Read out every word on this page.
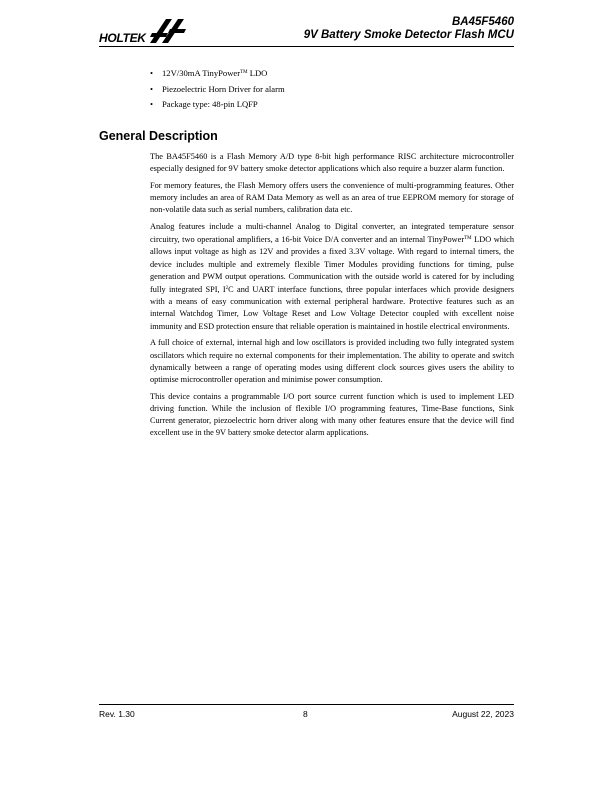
HOLTEK
BA45F5460
9V Battery Smoke Detector Flash MCU
• 12V/30mA TinyPower™ LDO
• Piezoelectric Horn Driver for alarm
• Package type: 48-pin LQFP
General Description

The BA45F5460 is a Flash Memory A/D type 8-bit high performance RISC architecture microcontroller especially designed for 9V battery smoke detector applications which also require a buzzer alarm function.

For memory features, the Flash Memory offers users the convenience of multi-programming features. Other memory includes an area of RAM Data Memory as well as an area of true EEPROM memory for storage of non-volatile data such as serial numbers, calibration data etc.

Analog features include a multi-channel Analog to Digital converter, an integrated temperature sensor circuitry, two operational amplifiers, a 16-bit Voice D/A converter and an internal TinyPower™ LDO which allows input voltage as high as 12V and provides a fixed 3.3V voltage. With regard to internal timers, the device includes multiple and extremely flexible Timer Modules providing functions for timing, pulse generation and PWM output operations. Communication with the outside world is catered for by including fully integrated SPI, $I^2C$ and UART interface functions, three popular interfaces which provide designers with a means of easy communication with external peripheral hardware. Protective features such as an internal Watchdog Timer, Low Voltage Reset and Low Voltage Detector coupled with excellent noise immunity and ESD protection ensure that reliable operation is maintained in hostile electrical environments.

A full choice of external, internal high and low oscillators is provided including two fully integrated system oscillators which require no external components for their implementation. The ability to operate and switch dynamically between a range of operating modes using different clock sources gives users the ability to optimise microcontroller operation and minimise power consumption.

This device contains a programmable I/O port source current function which is used to implement LED driving function. While the inclusion of flexible I/O programming features, Time-Base functions, Sink Current generator, piezoelectric horn driver along with many other features ensure that the device will find excellent use in the 9V battery smoke detector alarm applications.

Rev. 1.30	8	August 22, 2023
